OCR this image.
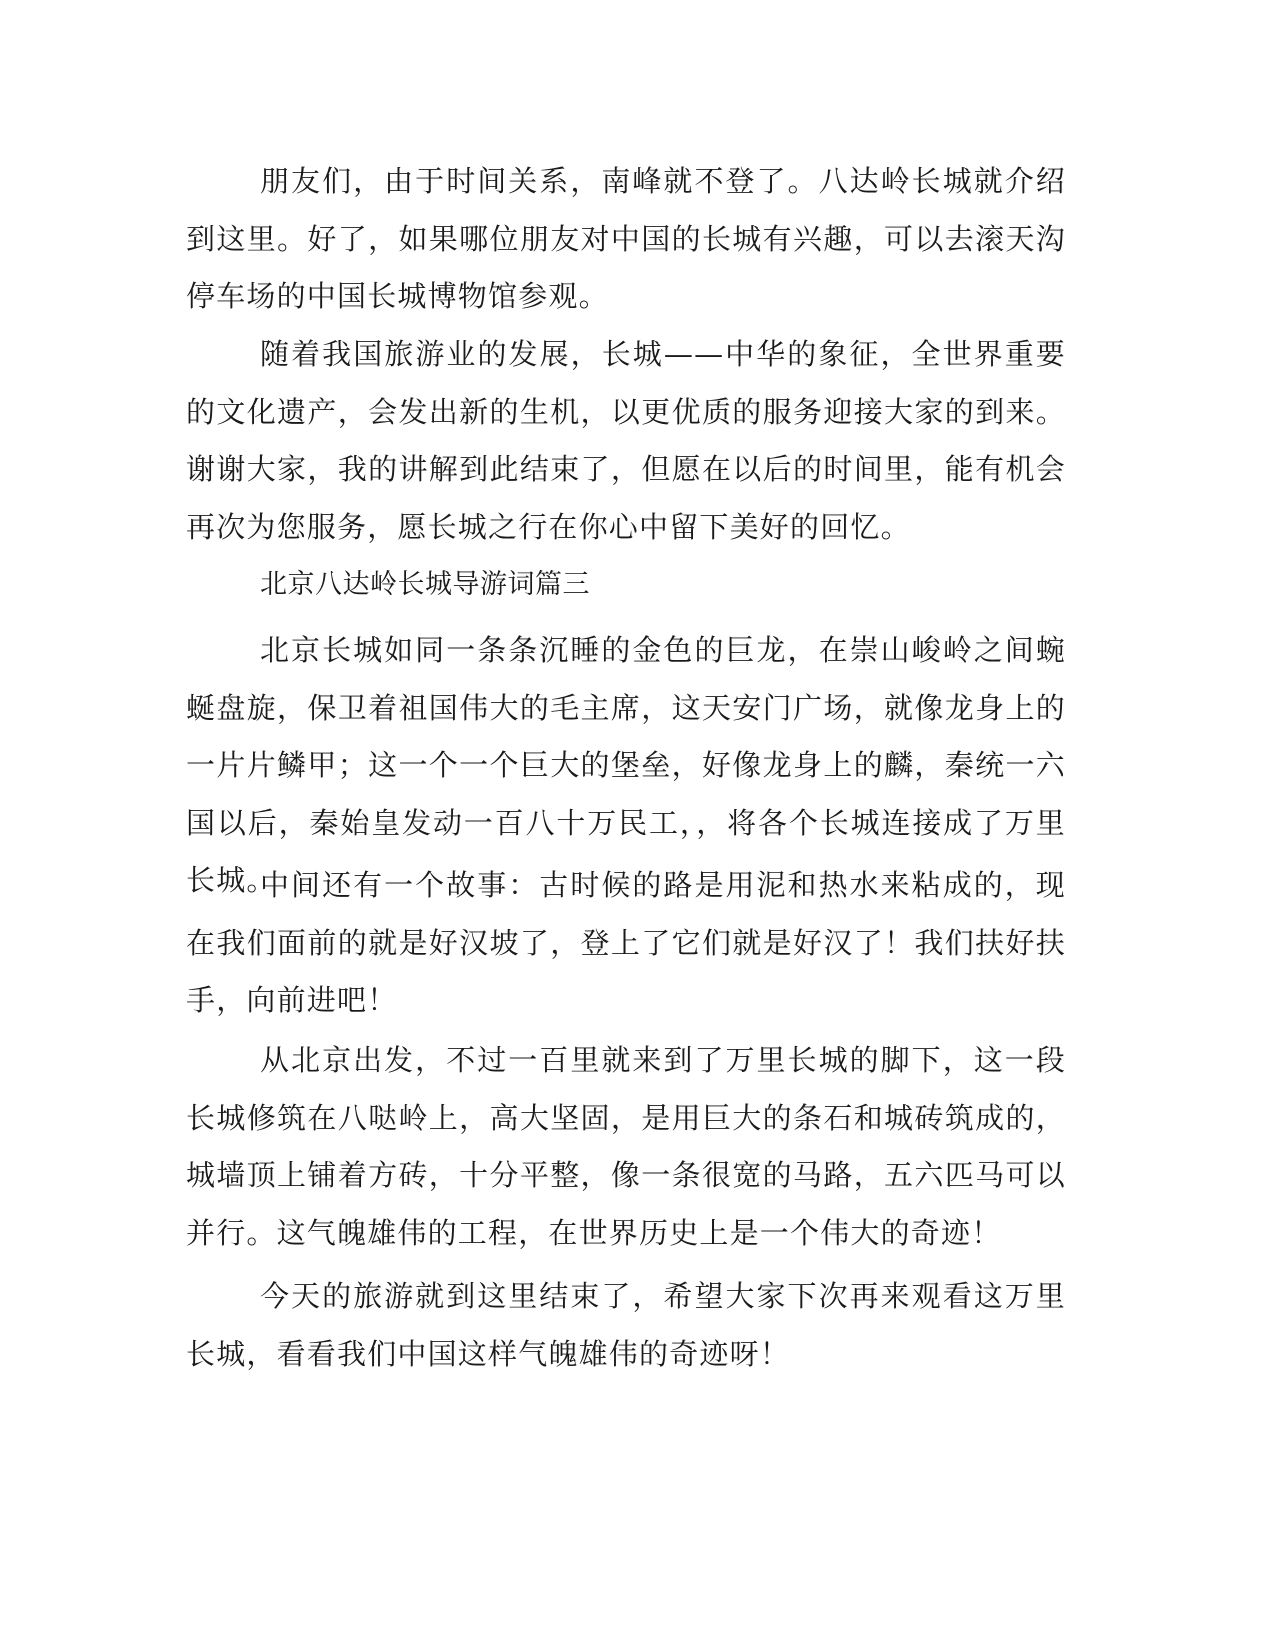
朋友们，由于时间关系，南峰就不登了。八达岭长城就介绍到这里。好了，如果哪位朋友对中国的长城有兴趣，可以去滚天沟停车场的中国长城博物馆参观。

随着我国旅游业的发展，长城——中华的象征，全世界重要的文化遗产，会发出新的生机，以更优质的服务迎接大家的到来。谢谢大家，我的讲解到此结束了，但愿在以后的时间里，能有机会再次为您服务，愿长城之行在你心中留下美好的回忆。

北京八达岭长城导游词篇三

北京长城如同一条条沉睡的金色的巨龙，在崇山峻岭之间蜿蜒盘旋，保卫着祖国伟大的毛主席，这天安门广场，就像龙身上的一片片鳞甲；这一个一个巨大的堡垒，好像龙身上的麟，秦统一六国以后，秦始皇发动一百八十万民工，，将各个长城连接成了万里长城。

中间还有一个故事：古时候的路是用泥和热水来粘成的，现在我们面前的就是好汉坡了，登上了它们就是好汉了！我们扶好扶手，向前进吧！

从北京出发，不过一百里就来到了万里长城的脚下，这一段长城修筑在八哒岭上，高大坚固，是用巨大的条石和城砖筑成的，城墙顶上铺着方砖，十分平整，像一条很宽的马路，五六匹马可以并行。这气魄雄伟的工程，在世界历史上是一个伟大的奇迹！

今天的旅游就到这里结束了，希望大家下次再来观看这万里长城，看看我们中国这样气魄雄伟的奇迹呀！
